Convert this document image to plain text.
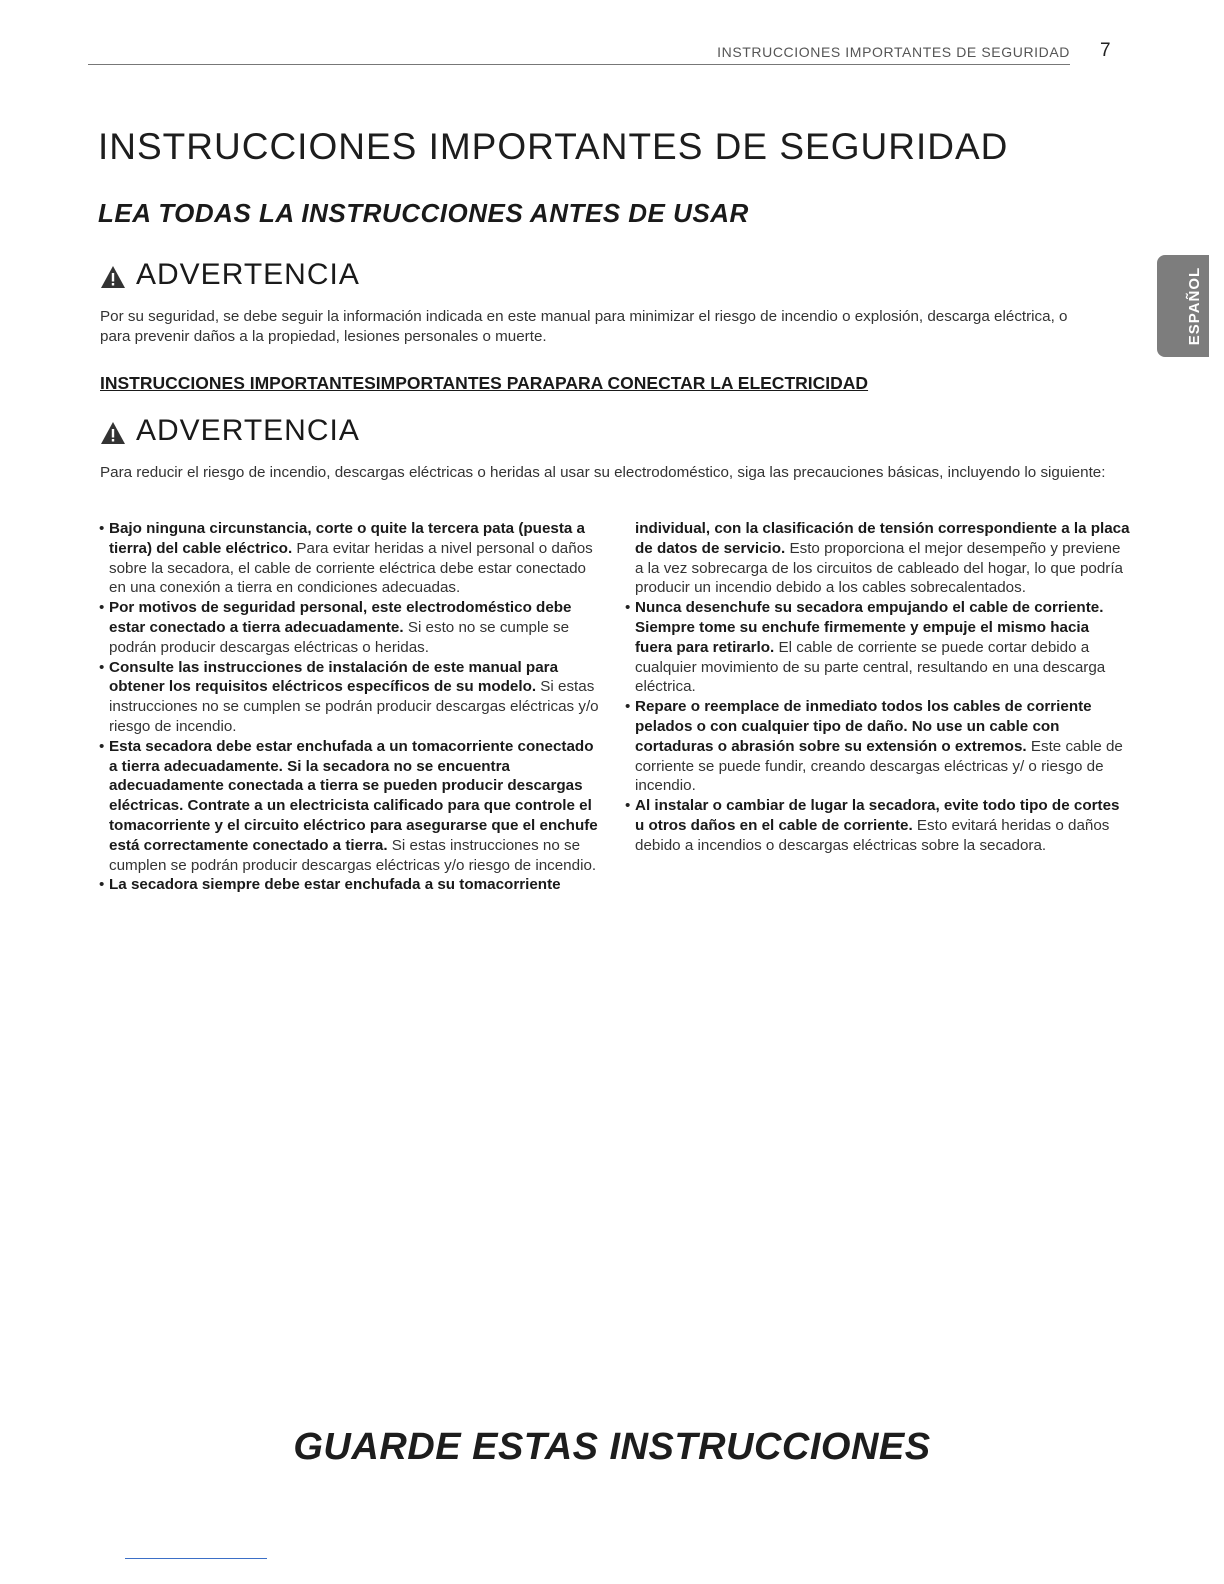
INSTRUCCIONES IMPORTANTES DE SEGURIDAD 7
INSTRUCCIONES IMPORTANTES DE SEGURIDAD
LEA TODAS LA INSTRUCCIONES ANTES DE USAR
ESPAÑOL
ADVERTENCIA

Por su seguridad, se debe seguir la información indicada en este manual para minimizar el riesgo de incendio o explosión, descarga eléctrica, o para prevenir daños a la propiedad, lesiones personales o muerte.

INSTRUCCIONES IMPORTANTESIMPORTANTES PARAPARA CONECTAR LA ELECTRICIDAD
ADVERTENCIA

Para reducir el riesgo de incendio, descargas eléctricas o heridas al usar su electrodoméstico, siga las precauciones básicas, incluyendo lo siguiente:

• Bajo ninguna circunstancia, corte o quite la tercera pata (puesta a tierra) del cable eléctrico. Para evitar heridas a nivel personal o daños sobre la secadora, el cable de corriente eléctrica debe estar conectado en una conexión a tierra en condiciones adecuadas.
• Por motivos de seguridad personal, este electrodoméstico debe estar conectado a tierra adecuadamente. Si esto no se cumple se podrán producir descargas eléctricas o heridas.
• Consulte las instrucciones de instalación de este manual para obtener los requisitos eléctricos específicos de su modelo. Si estas instrucciones no se cumplen se podrán producir descargas eléctricas y/o riesgo de incendio.
• Esta secadora debe estar enchufada a un tomacorriente conectado a tierra adecuadamente. Si la secadora no se encuentra adecuadamente conectada a tierra se pueden producir descargas eléctricas. Contrate a un electricista calificado para que controle el tomacorriente y el circuito eléctrico para asegurarse que el enchufe está correctamente conectado a tierra. Si estas instrucciones no se cumplen se podrán producir descargas eléctricas y/o riesgo de incendio.
• La secadora siempre debe estar enchufada a su tomacorriente
individual, con la clasificación de tensión correspondiente a la placa de datos de servicio. Esto proporciona el mejor desempeño y previene a la vez sobrecarga de los circuitos de cableado del hogar, lo que podría producir un incendio debido a los cables sobrecalentados.
• Nunca desenchufe su secadora empujando el cable de corriente. Siempre tome su enchufe firmemente y empuje el mismo hacia fuera para retirarlo. El cable de corriente se puede cortar debido a cualquier movimiento de su parte central, resultando en una descarga eléctrica.
• Repare o reemplace de inmediato todos los cables de corriente pelados o con cualquier tipo de daño. No use un cable con cortaduras o abrasión sobre su extensión o extremos. Este cable de corriente se puede fundir, creando descargas eléctricas y/ o riesgo de incendio.
• Al instalar o cambiar de lugar la secadora, evite todo tipo de cortes u otros daños en el cable de corriente. Esto evitará heridas o daños debido a incendios o descargas eléctricas sobre la secadora.
GUARDE ESTAS INSTRUCCIONES
